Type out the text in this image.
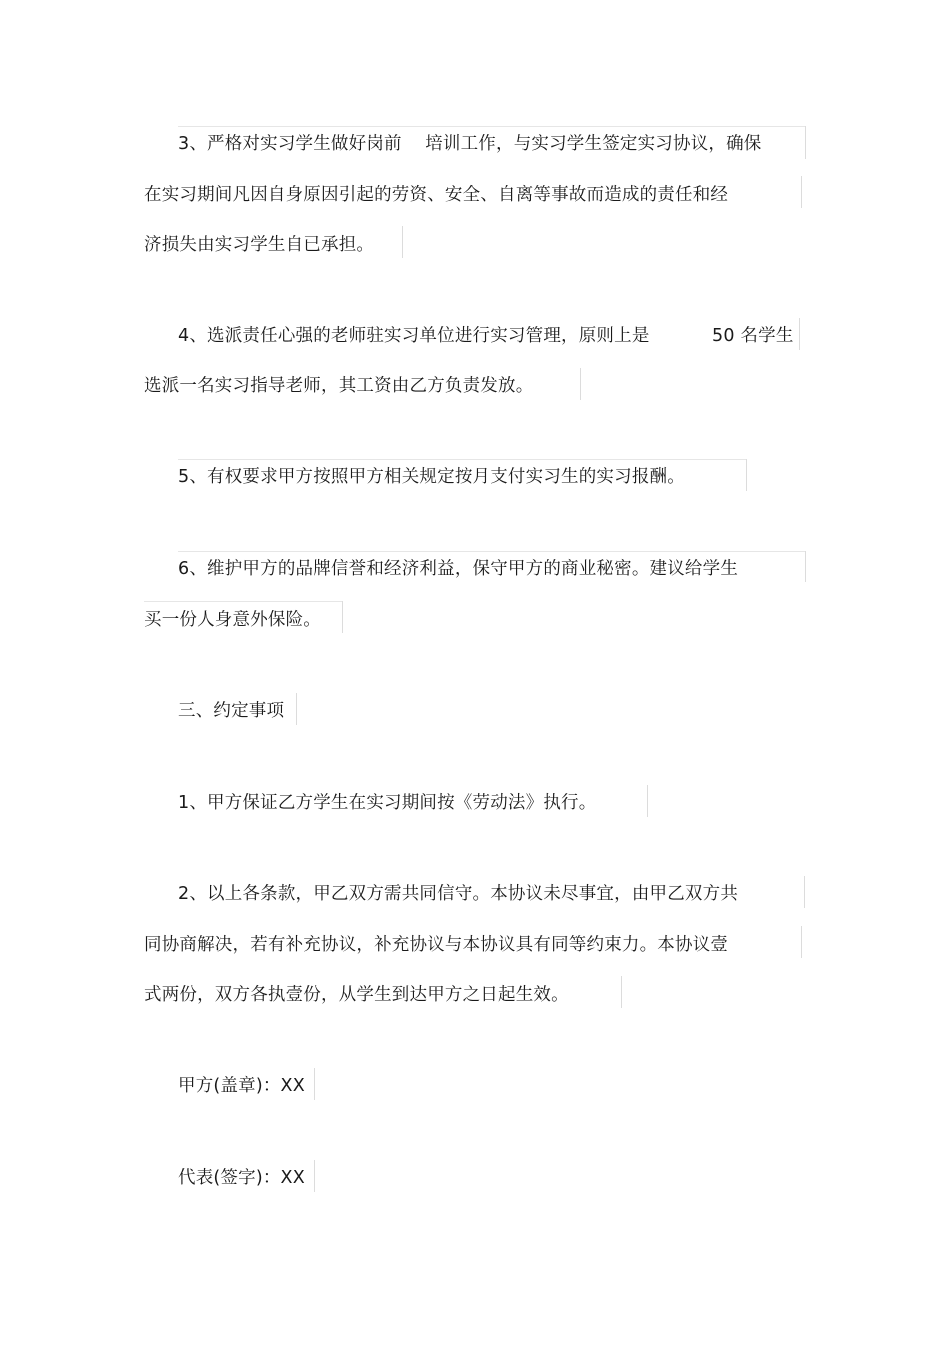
3、严格对实习学生做好岗前　 培训工作，与实习学生签定实习协议，确保
在实习期间凡因自身原因引起的劳资、安全、自离等事故而造成的责任和经
济损失由实习学生自已承担。
4、选派责任心强的老师驻实习单位进行实习管理，原则上是	50 名学生
选派一名实习指导老师，其工资由乙方负责发放。
5、有权要求甲方按照甲方相关规定按月支付实习生的实习报酬。
6、维护甲方的品牌信誉和经济利益，保守甲方的商业秘密。建议给学生
买一份人身意外保险。
三、约定事项
1、甲方保证乙方学生在实习期间按《劳动法》执行。
2、以上各条款，甲乙双方需共同信守。本协议未尽事宜，由甲乙双方共
同协商解决，若有补充协议，补充协议与本协议具有同等约束力。本协议壹
式两份，双方各执壹份，从学生到达甲方之日起生效。
甲方(盖章)：XX
代表(签字)：XX
